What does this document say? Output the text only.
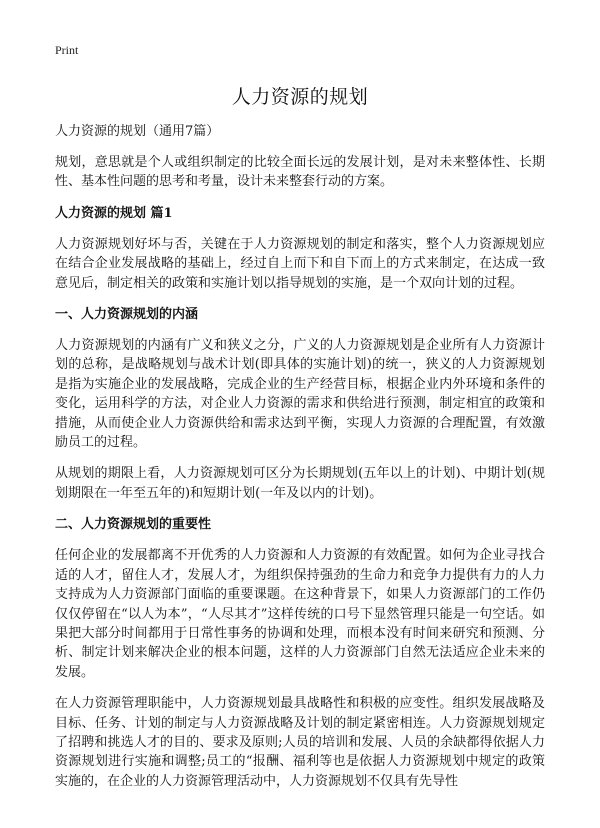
Print
人力资源的规划
人力资源的规划（通用7篇）

规划，意思就是个人或组织制定的比较全面长远的发展计划，是对未来整体性、长期性、基本性问题的思考和考量，设计未来整套行动的方案。

人力资源的规划 篇1

人力资源规划好坏与否，关键在于人力资源规划的制定和落实，整个人力资源规划应在结合企业发展战略的基础上，经过自上而下和自下而上的方式来制定，在达成一致意见后，制定相关的政策和实施计划以指导规划的实施，是一个双向计划的过程。

一、人力资源规划的内涵

人力资源规划的内涵有广义和狭义之分，广义的人力资源规划是企业所有人力资源计划的总称，是战略规划与战术计划(即具体的实施计划)的统一，狭义的人力资源规划是指为实施企业的发展战略，完成企业的生产经营目标，根据企业内外环境和条件的变化，运用科学的方法，对企业人力资源的需求和供给进行预测，制定相宜的政策和措施，从而使企业人力资源供给和需求达到平衡，实现人力资源的合理配置，有效激励员工的过程。

从规划的期限上看，人力资源规划可区分为长期规划(五年以上的计划)、中期计划(规划期限在一年至五年的)和短期计划(一年及以内的计划)。

二、人力资源规划的重要性

任何企业的发展都离不开优秀的人力资源和人力资源的有效配置。如何为企业寻找合适的人才，留住人才，发展人才，为组织保持强劲的生命力和竞争力提供有力的人力支持成为人力资源部门面临的重要课题。在这种背景下，如果人力资源部门的工作仍仅仅停留在“以人为本”，“人尽其才”这样传统的口号下显然管理只能是一句空话。如果把大部分时间都用于日常性事务的协调和处理，而根本没有时间来研究和预测、分析、制定计划来解决企业的根本问题，这样的人力资源部门自然无法适应企业未来的发展。

在人力资源管理职能中，人力资源规划最具战略性和积极的应变性。组织发展战略及目标、任务、计划的制定与人力资源战略及计划的制定紧密相连。人力资源规划规定了招聘和挑选人才的目的、要求及原则;人员的培训和发展、人员的余缺都得依据人力资源规划进行实施和调整;员工的“报酬、福利等也是依据人力资源规划中规定的政策实施的，在企业的人力资源管理活动中，人力资源规划不仅具有先导性
